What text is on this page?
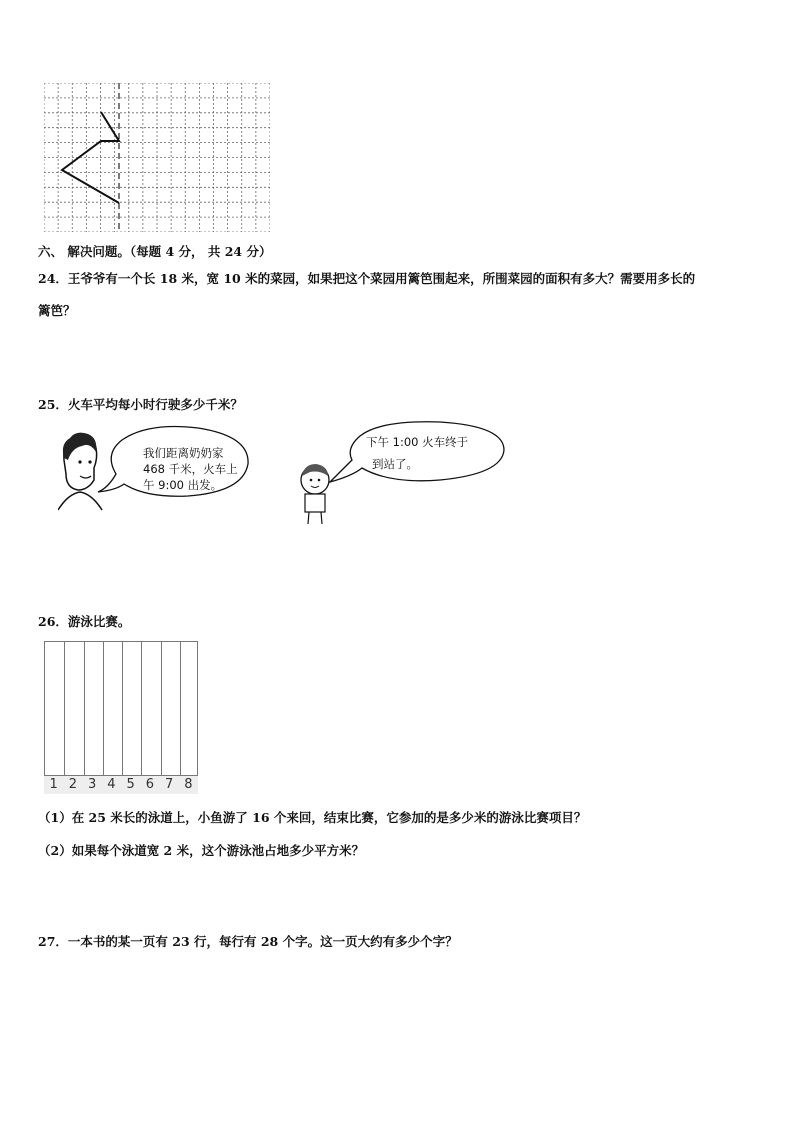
六、 解决问题。（每题 4 分， 共 24 分）
24．王爷爷有一个长 18 米，宽 10 米的菜园，如果把这个菜园用篱笆围起来，所围菜园的面积有多大？需要用多长的
篱笆？
25．火车平均每小时行驶多少千米？
我们距离奶奶家
468 千米，火车上
午 9:00 出发。
下午 1:00 火车终于
到站了。
26．游泳比赛。
1 2 3 4 5 6 7 8
（1）在 25 米长的泳道上，小鱼游了 16 个来回，结束比赛，它参加的是多少米的游泳比赛项目？
（2）如果每个泳道宽 2 米，这个游泳池占地多少平方米？
27．一本书的某一页有 23 行，每行有 28 个字。这一页大约有多少个字？
